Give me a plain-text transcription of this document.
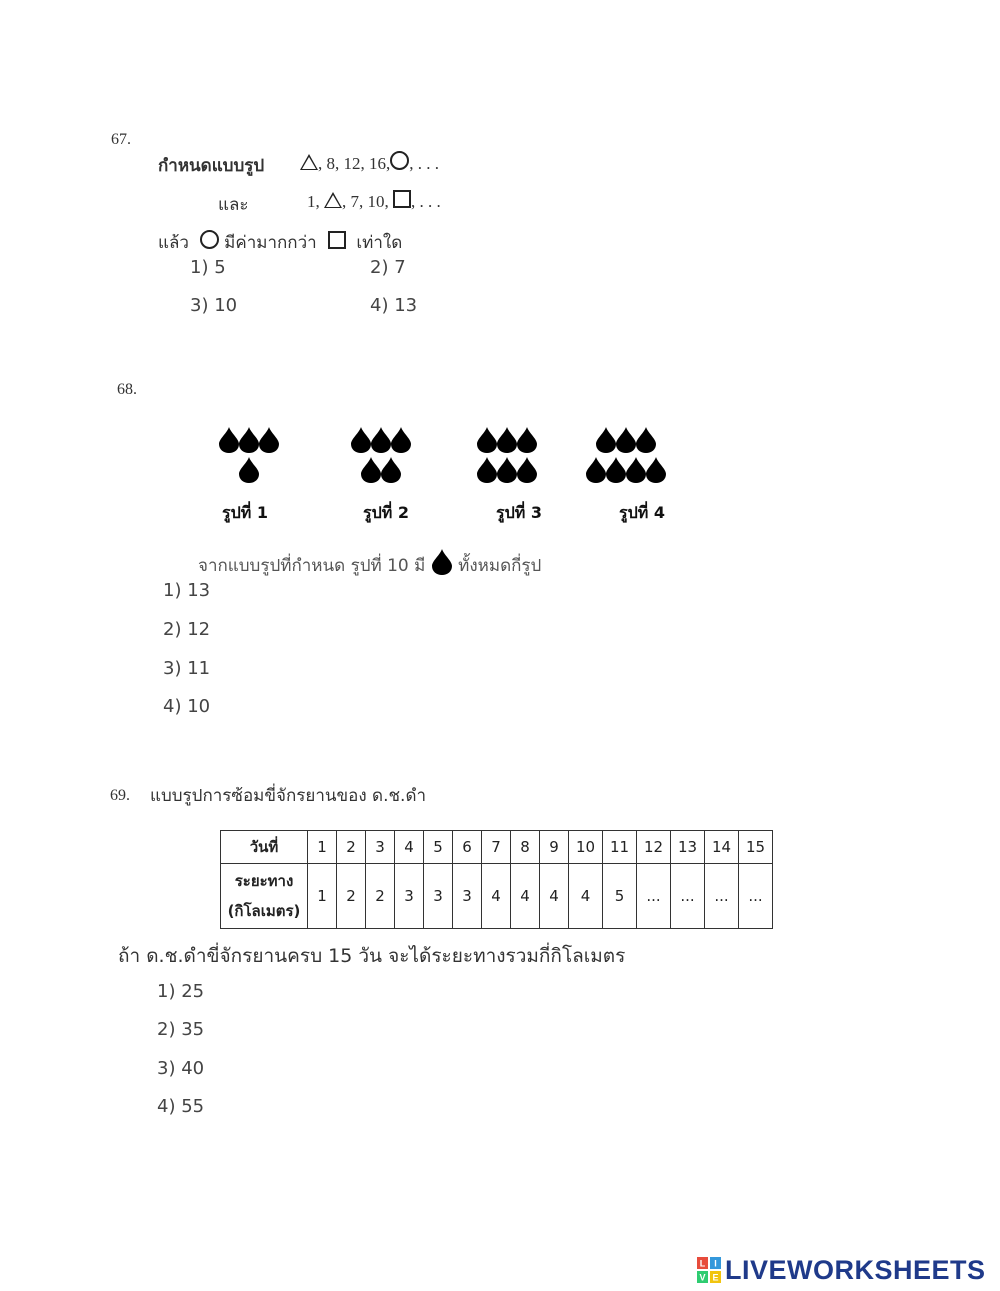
67.
กำหนดแบบรูป	, 8, 12, 16, , . . .
และ	1, , 7, 10, , . . .
แล้ว มีค่ามากกว่า เท่าใด
1) 5	2) 7
3) 10	4) 13
68.
รูปที่ 1	รูปที่ 2	รูปที่ 3	รูปที่ 4
จากแบบรูปที่กำหนด รูปที่ 10 มี ทั้งหมดกี่รูป
1) 13
2) 12
3) 11
4) 10
69. แบบรูปการซ้อมขี่จักรยานของ ด.ช.ดำ
วันที่	1	2	3	4	5	6	7	8	9	10	11	12	13	14	15

ระยะทาง
(กิโลเมตร)	1	2	2	3	3	3	4	4	4	4	5	...	...	...	...
ถ้า ด.ช.ดำขี่จักรยานครบ 15 วัน จะได้ระยะทางรวมกี่กิโลเมตร
1) 25
2) 35
3) 40
4) 55
L I
V E LIVEWORKSHEETS
